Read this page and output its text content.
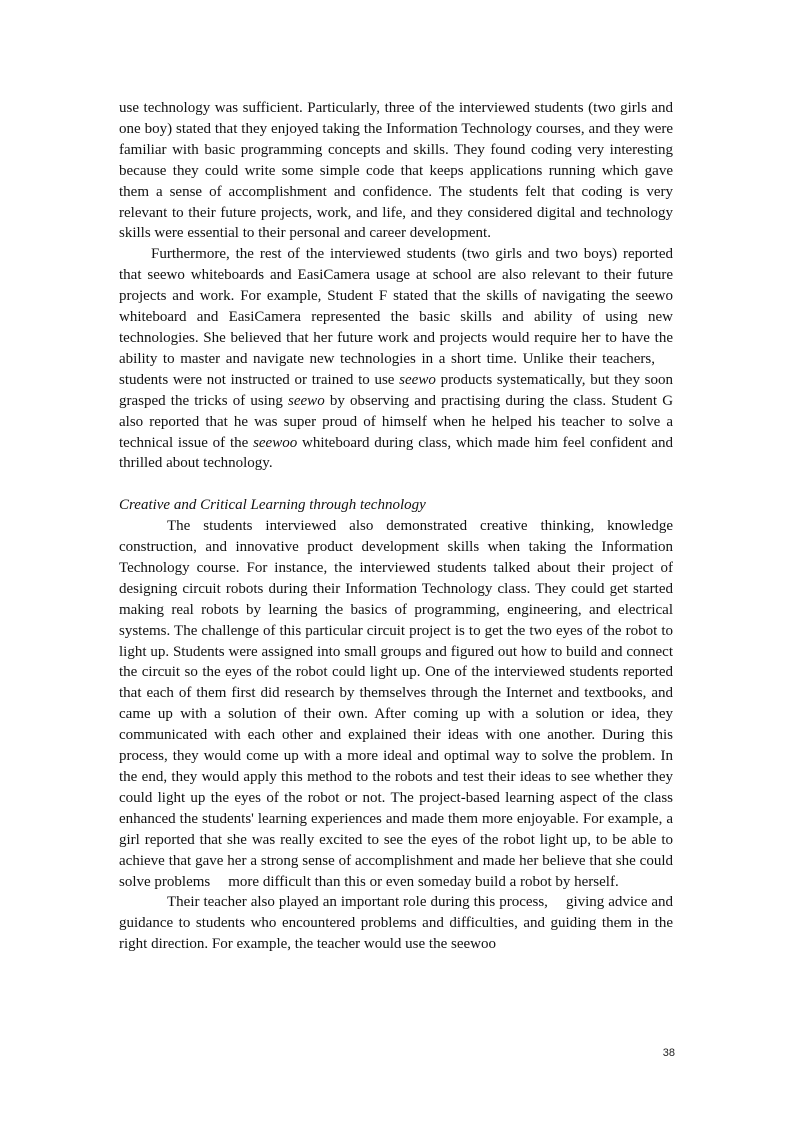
use technology was sufficient. Particularly, three of the interviewed students (two girls and one boy) stated that they enjoyed taking the Information Technology courses, and they were familiar with basic programming concepts and skills. They found coding very interesting because they could write some simple code that keeps applications running which gave them a sense of accomplishment and confidence. The students felt that coding is very relevant to their future projects, work, and life, and they considered digital and technology skills were essential to their personal and career development.

Furthermore, the rest of the interviewed students (two girls and two boys) reported that seewo whiteboards and EasiCamera usage at school are also relevant to their future projects and work. For example, Student F stated that the skills of navigating the seewo whiteboard and EasiCamera represented the basic skills and ability of using new technologies. She believed that her future work and projects would require her to have the ability to master and navigate new technologies in a short time. Unlike their teachers,students were not instructed or trained to use seewo products systematically, but they soon grasped the tricks of using seewo by observing and practising during the class. Student G also reported that he was super proud of himself when he helped his teacher to solve a technical issue of the seewoo whiteboard during class, which made him feel confident and thrilled about technology.

Creative and Critical Learning through technology

The students interviewed also demonstrated creative thinking, knowledge construction, and innovative product development skills when taking the Information Technology course. For instance, the interviewed students talked about their project of designing circuit robots during their Information Technology class. They could get started making real robots by learning the basics of programming, engineering, and electrical systems. The challenge of this particular circuit project is to get the two eyes of the robot to light up. Students were assigned into small groups and figured out how to build and connect the circuit so the eyes of the robot could light up. One of the interviewed students reported that each of them first did research by themselves through the Internet and textbooks, and came up with a solution of their own. After coming up with a solution or idea, they communicated with each other and explained their ideas with one another. During this process, they would come up with a more ideal and optimal way to solve the problem. In the end, they would apply this method to the robots and test their ideas to see whether they could light up the eyes of the robot or not. The project-based learning aspect of the class enhanced the students' learning experiences and made them more enjoyable. For example, a girl reported that she was really excited to see the eyes of the robot light up, to be able to achieve that gave her a strong sense of accomplishment and made her believe that she could solve problems more difficult than this or even someday build a robot by herself.

Their teacher also played an important role during this process, giving advice and guidance to students who encountered problems and difficulties, and guiding them in the right direction. For example, the teacher would use the seewoo

38
